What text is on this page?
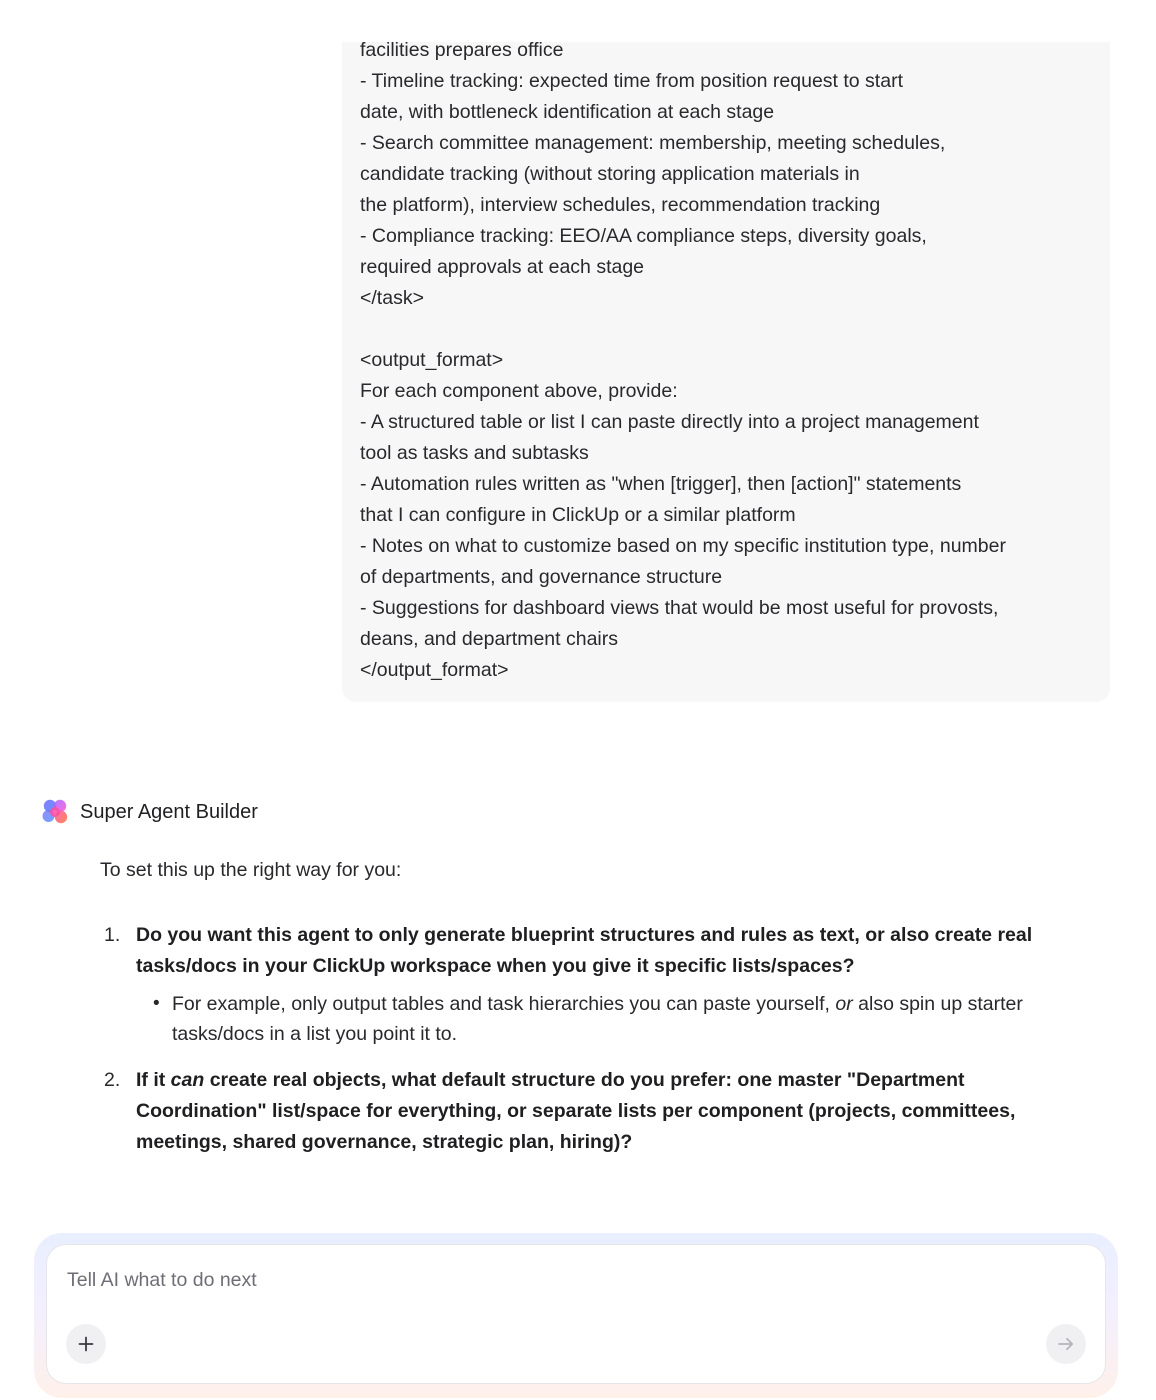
facilities prepares office
- Timeline tracking: expected time from position request to start
date, with bottleneck identification at each stage
- Search committee management: membership, meeting schedules,
candidate tracking (without storing application materials in
the platform), interview schedules, recommendation tracking
- Compliance tracking: EEO/AA compliance steps, diversity goals,
required approvals at each stage
</task>
<output_format>
For each component above, provide:
- A structured table or list I can paste directly into a project management
tool as tasks and subtasks
- Automation rules written as "when [trigger], then [action]" statements
that I can configure in ClickUp or a similar platform
- Notes on what to customize based on my specific institution type, number
of departments, and governance structure
- Suggestions for dashboard views that would be most useful for provosts,
deans, and department chairs
</output_format>
Super Agent Builder
To set this up the right way for you:
1. Do you want this agent to only generate blueprint structures and rules as text, or also create real tasks/docs in your ClickUp workspace when you give it specific lists/spaces?
• For example, only output tables and task hierarchies you can paste yourself, or also spin up starter tasks/docs in a list you point it to.
2. If it can create real objects, what default structure do you prefer: one master "Department Coordination" list/space for everything, or separate lists per component (projects, committees, meetings, shared governance, strategic plan, hiring)?
Tell AI what to do next
